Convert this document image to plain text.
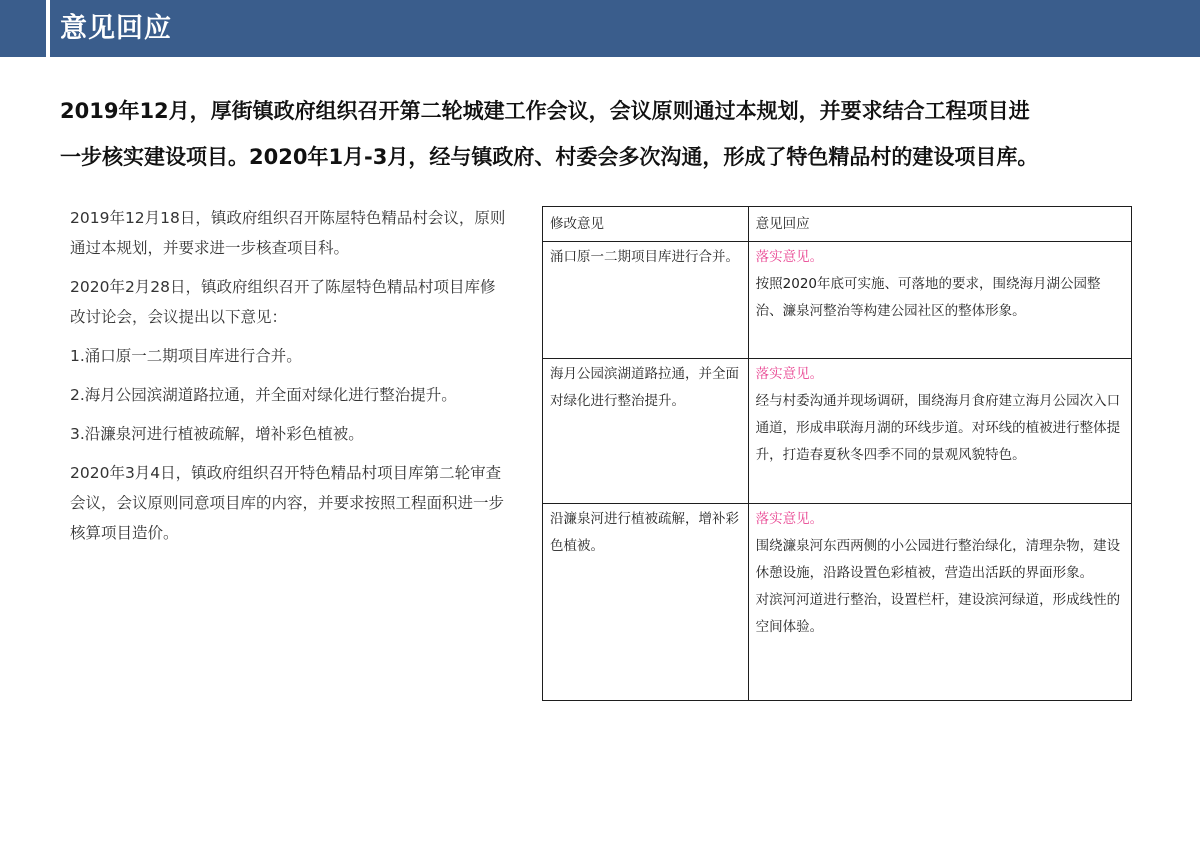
意见回应

2019年12月，厚街镇政府组织召开第二轮城建工作会议，会议原则通过本规划，并要求结合工程项目进

一步核实建设项目。2020年1月-3月，经与镇政府、村委会多次沟通，形成了特色精品村的建设项目库。

2019年12月18日，镇政府组织召开陈屋特色精品村会议，原则通过本规划，并要求进一步核查项目科。

2020年2月28日，镇政府组织召开了陈屋特色精品村项目库修改讨论会，会议提出以下意见：

1.涌口原一二期项目库进行合并。

2.海月公园滨湖道路拉通，并全面对绿化进行整治提升。

3.沿濂泉河进行植被疏解，增补彩色植被。

2020年3月4日，镇政府组织召开特色精品村项目库第二轮审查会议，会议原则同意项目库的内容，并要求按照工程面积进一步核算项目造价。

修改意见	意见回应
涌口原一二期项目库进行合并。	落实意见。
按照2020年底可实施、可落地的要求，围绕海月湖公园整治、濂泉河整治等构建公园社区的整体形象。

海月公园滨湖道路拉通，并全面对绿化进行整治提升。	落实意见。
经与村委沟通并现场调研，围绕海月食府建立海月公园次入口通道，形成串联海月湖的环线步道。对环线的植被进行整体提升，打造春夏秋冬四季不同的景观风貌特色。

沿濂泉河进行植被疏解，增补彩色植被。	落实意见。
围绕濂泉河东西两侧的小公园进行整治绿化，清理杂物，建设休憩设施，沿路设置色彩植被，营造出活跃的界面形象。
对滨河河道进行整治，设置栏杆，建设滨河绿道，形成线性的空间体验。
